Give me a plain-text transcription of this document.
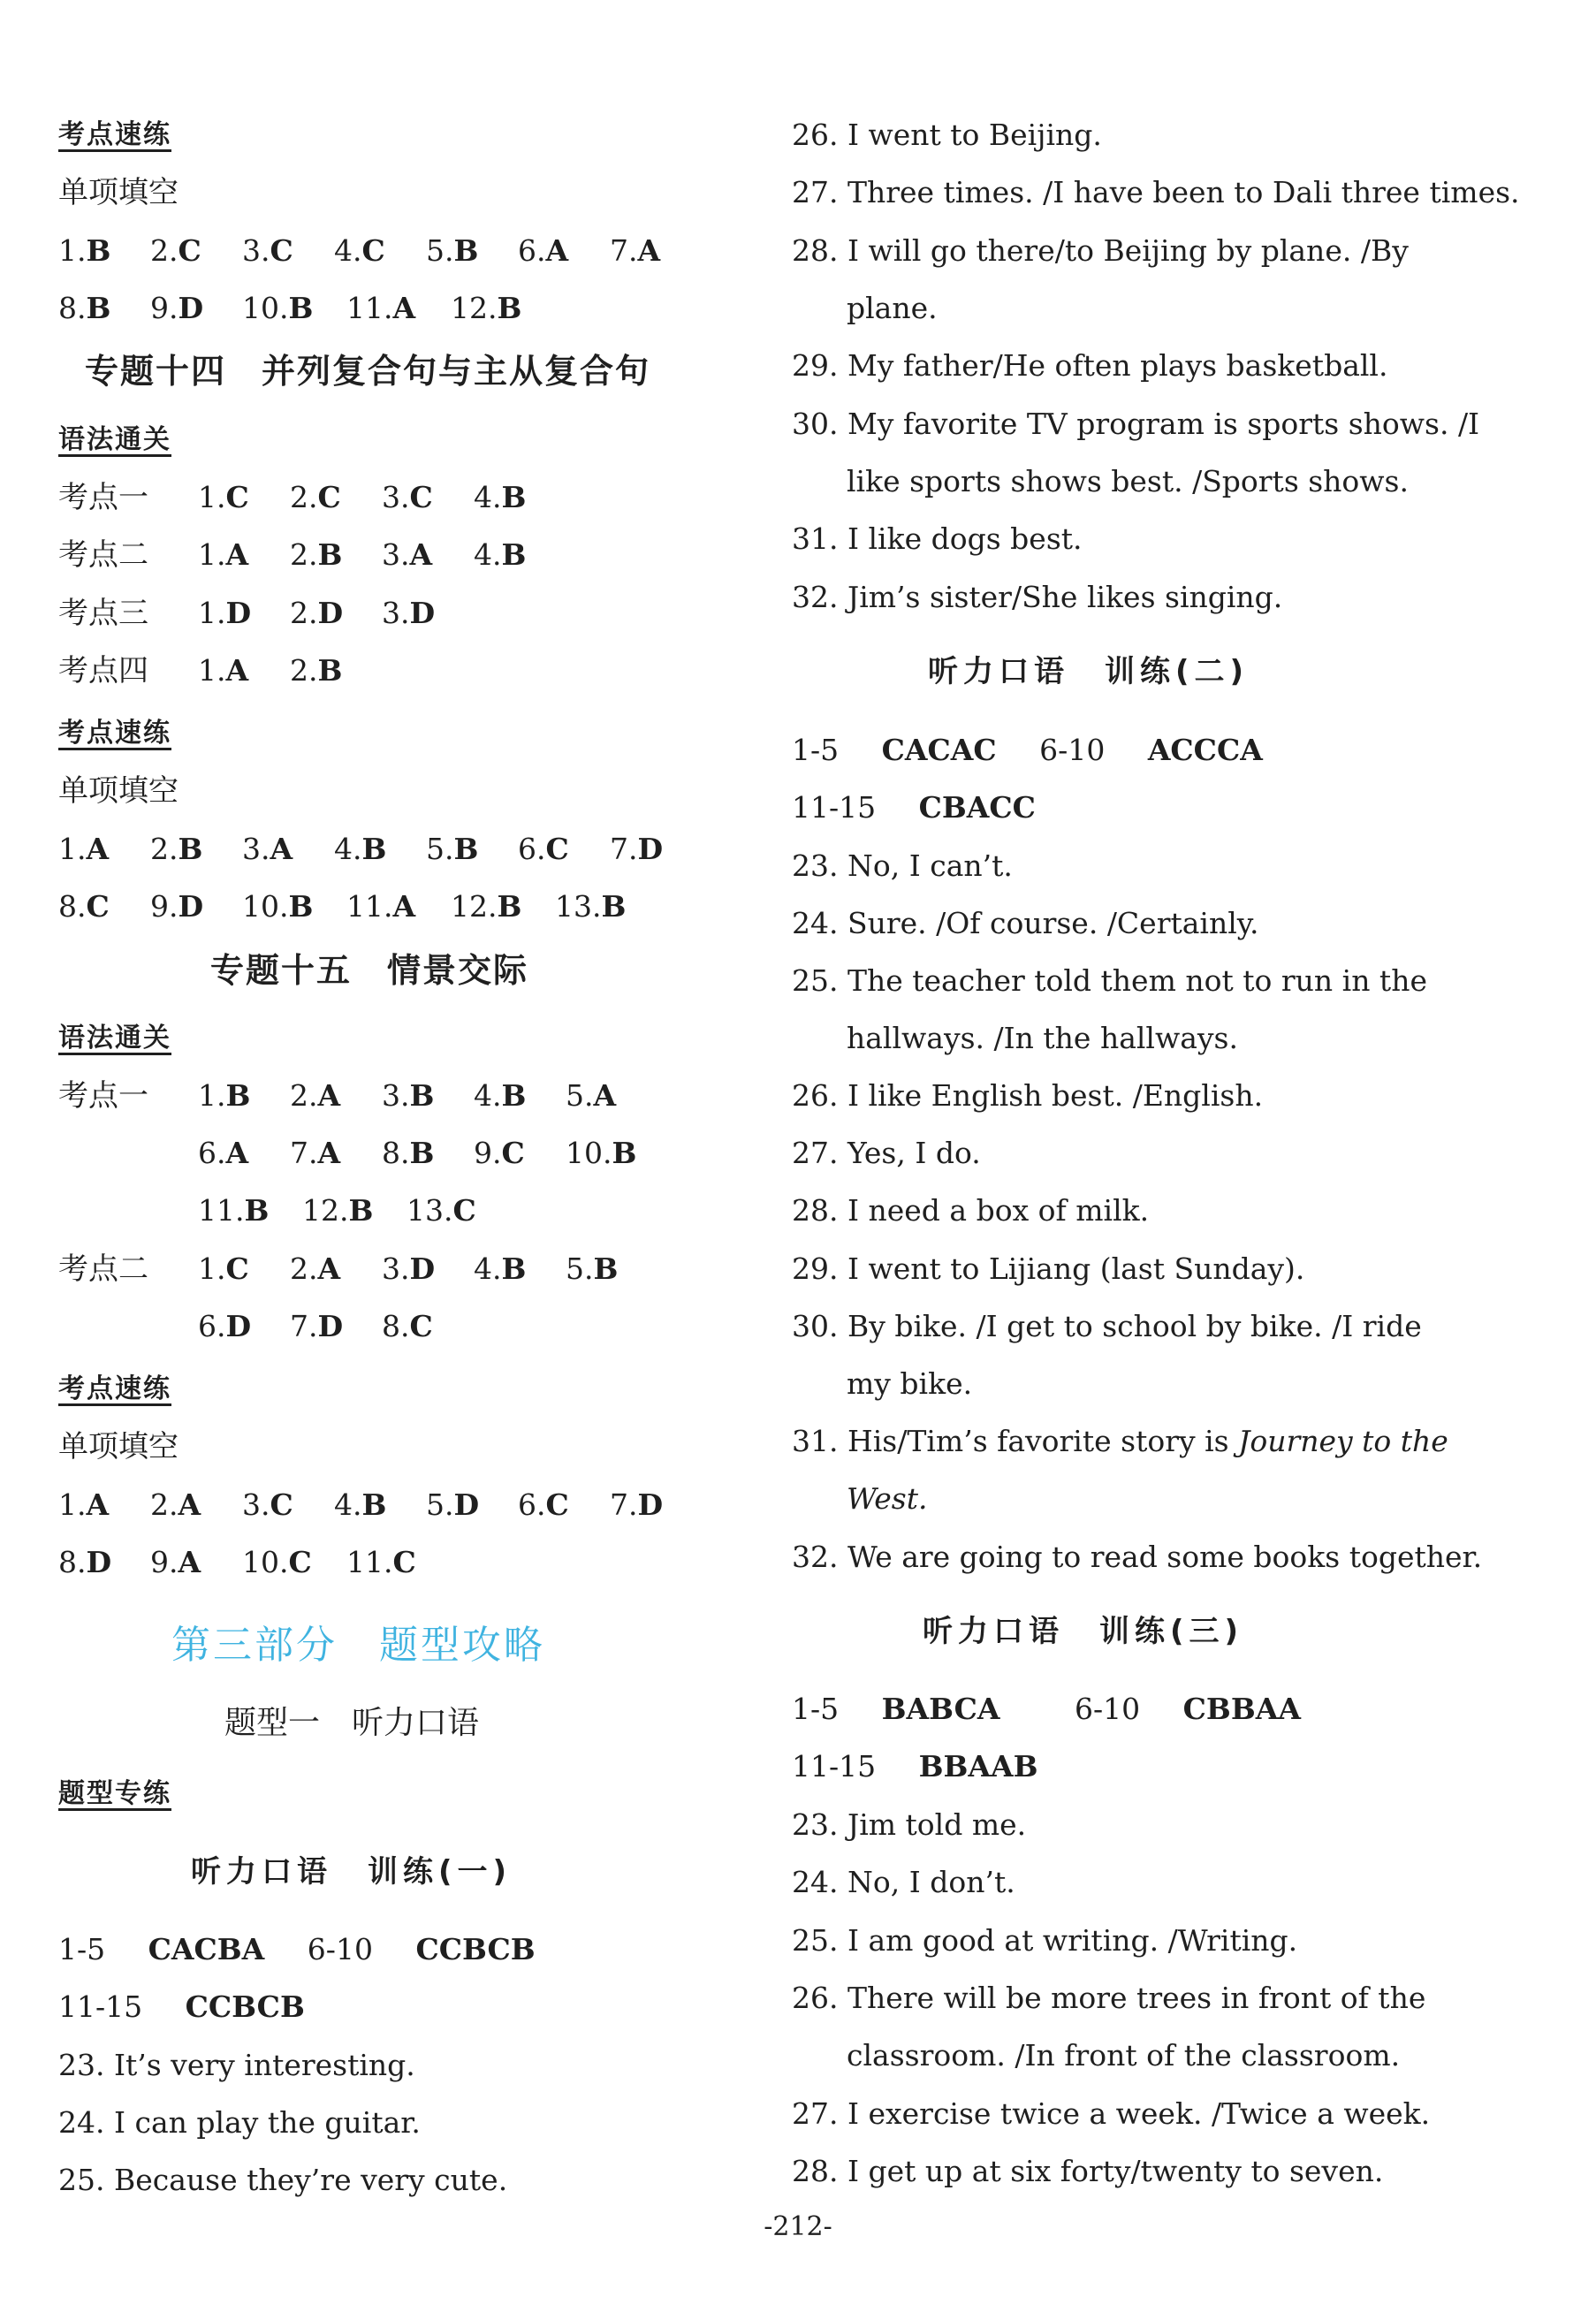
考点速练
单项填空
1.B 2.C 3.C 4.C 5.B 6.A 7.A
8.B 9.D 10.B 11.A 12.B
专题十四　并列复合句与主从复合句
语法通关
考点一 1.C 2.C 3.C 4.B
考点二 1.A 2.B 3.A 4.B
考点三 1.D 2.D 3.D
考点四 1.A 2.B
考点速练
单项填空
1.A 2.B 3.A 4.B 5.B 6.C 7.D
8.C 9.D 10.B 11.A 12.B 13.B
专题十五　情景交际
语法通关
考点一 1.B 2.A 3.B 4.B 5.A
6.A 7.A 8.B 9.C 10.B
11.B 12.B 13.C
考点二 1.C 2.A 3.D 4.B 5.B
6.D 7.D 8.C
考点速练
单项填空
1.A 2.A 3.C 4.B 5.D 6.C 7.D
8.D 9.A 10.C 11.C
第三部分　题型攻略
题型一　听力口语
题型专练
听力口语　训练(一)
1-5 CACBA 6-10 CCBCB
11-15 CCBCB
23. It’s very interesting.
24. I can play the guitar.
25. Because they’re very cute.
26. I went to Beijing.
27. Three times. /I have been to Dali three times.
28. I will go there/to Beijing by plane. /By
plane.
29. My father/He often plays basketball.
30. My favorite TV program is sports shows. /I
like sports shows best. /Sports shows.
31. I like dogs best.
32. Jim’s sister/She likes singing.
听力口语　训练(二)
1-5 CACAC 6-10 ACCCA
11-15 CBACC
23. No, I can’t.
24. Sure. /Of course. /Certainly.
25. The teacher told them not to run in the
hallways. /In the hallways.
26. I like English best. /English.
27. Yes, I do.
28. I need a box of milk.
29. I went to Lijiang (last Sunday).
30. By bike. /I get to school by bike. /I ride
my bike.
31. His/Tim’s favorite story is Journey to the
West.
32. We are going to read some books together.
听力口语　训练(三)
1-5 BABCA	6-10 CBBAA
11-15 BBAAB
23. Jim told me.
24. No, I don’t.
25. I am good at writing. /Writing.
26. There will be more trees in front of the
classroom. /In front of the classroom.
27. I exercise twice a week. /Twice a week.
28. I get up at six forty/twenty to seven.
-212-
